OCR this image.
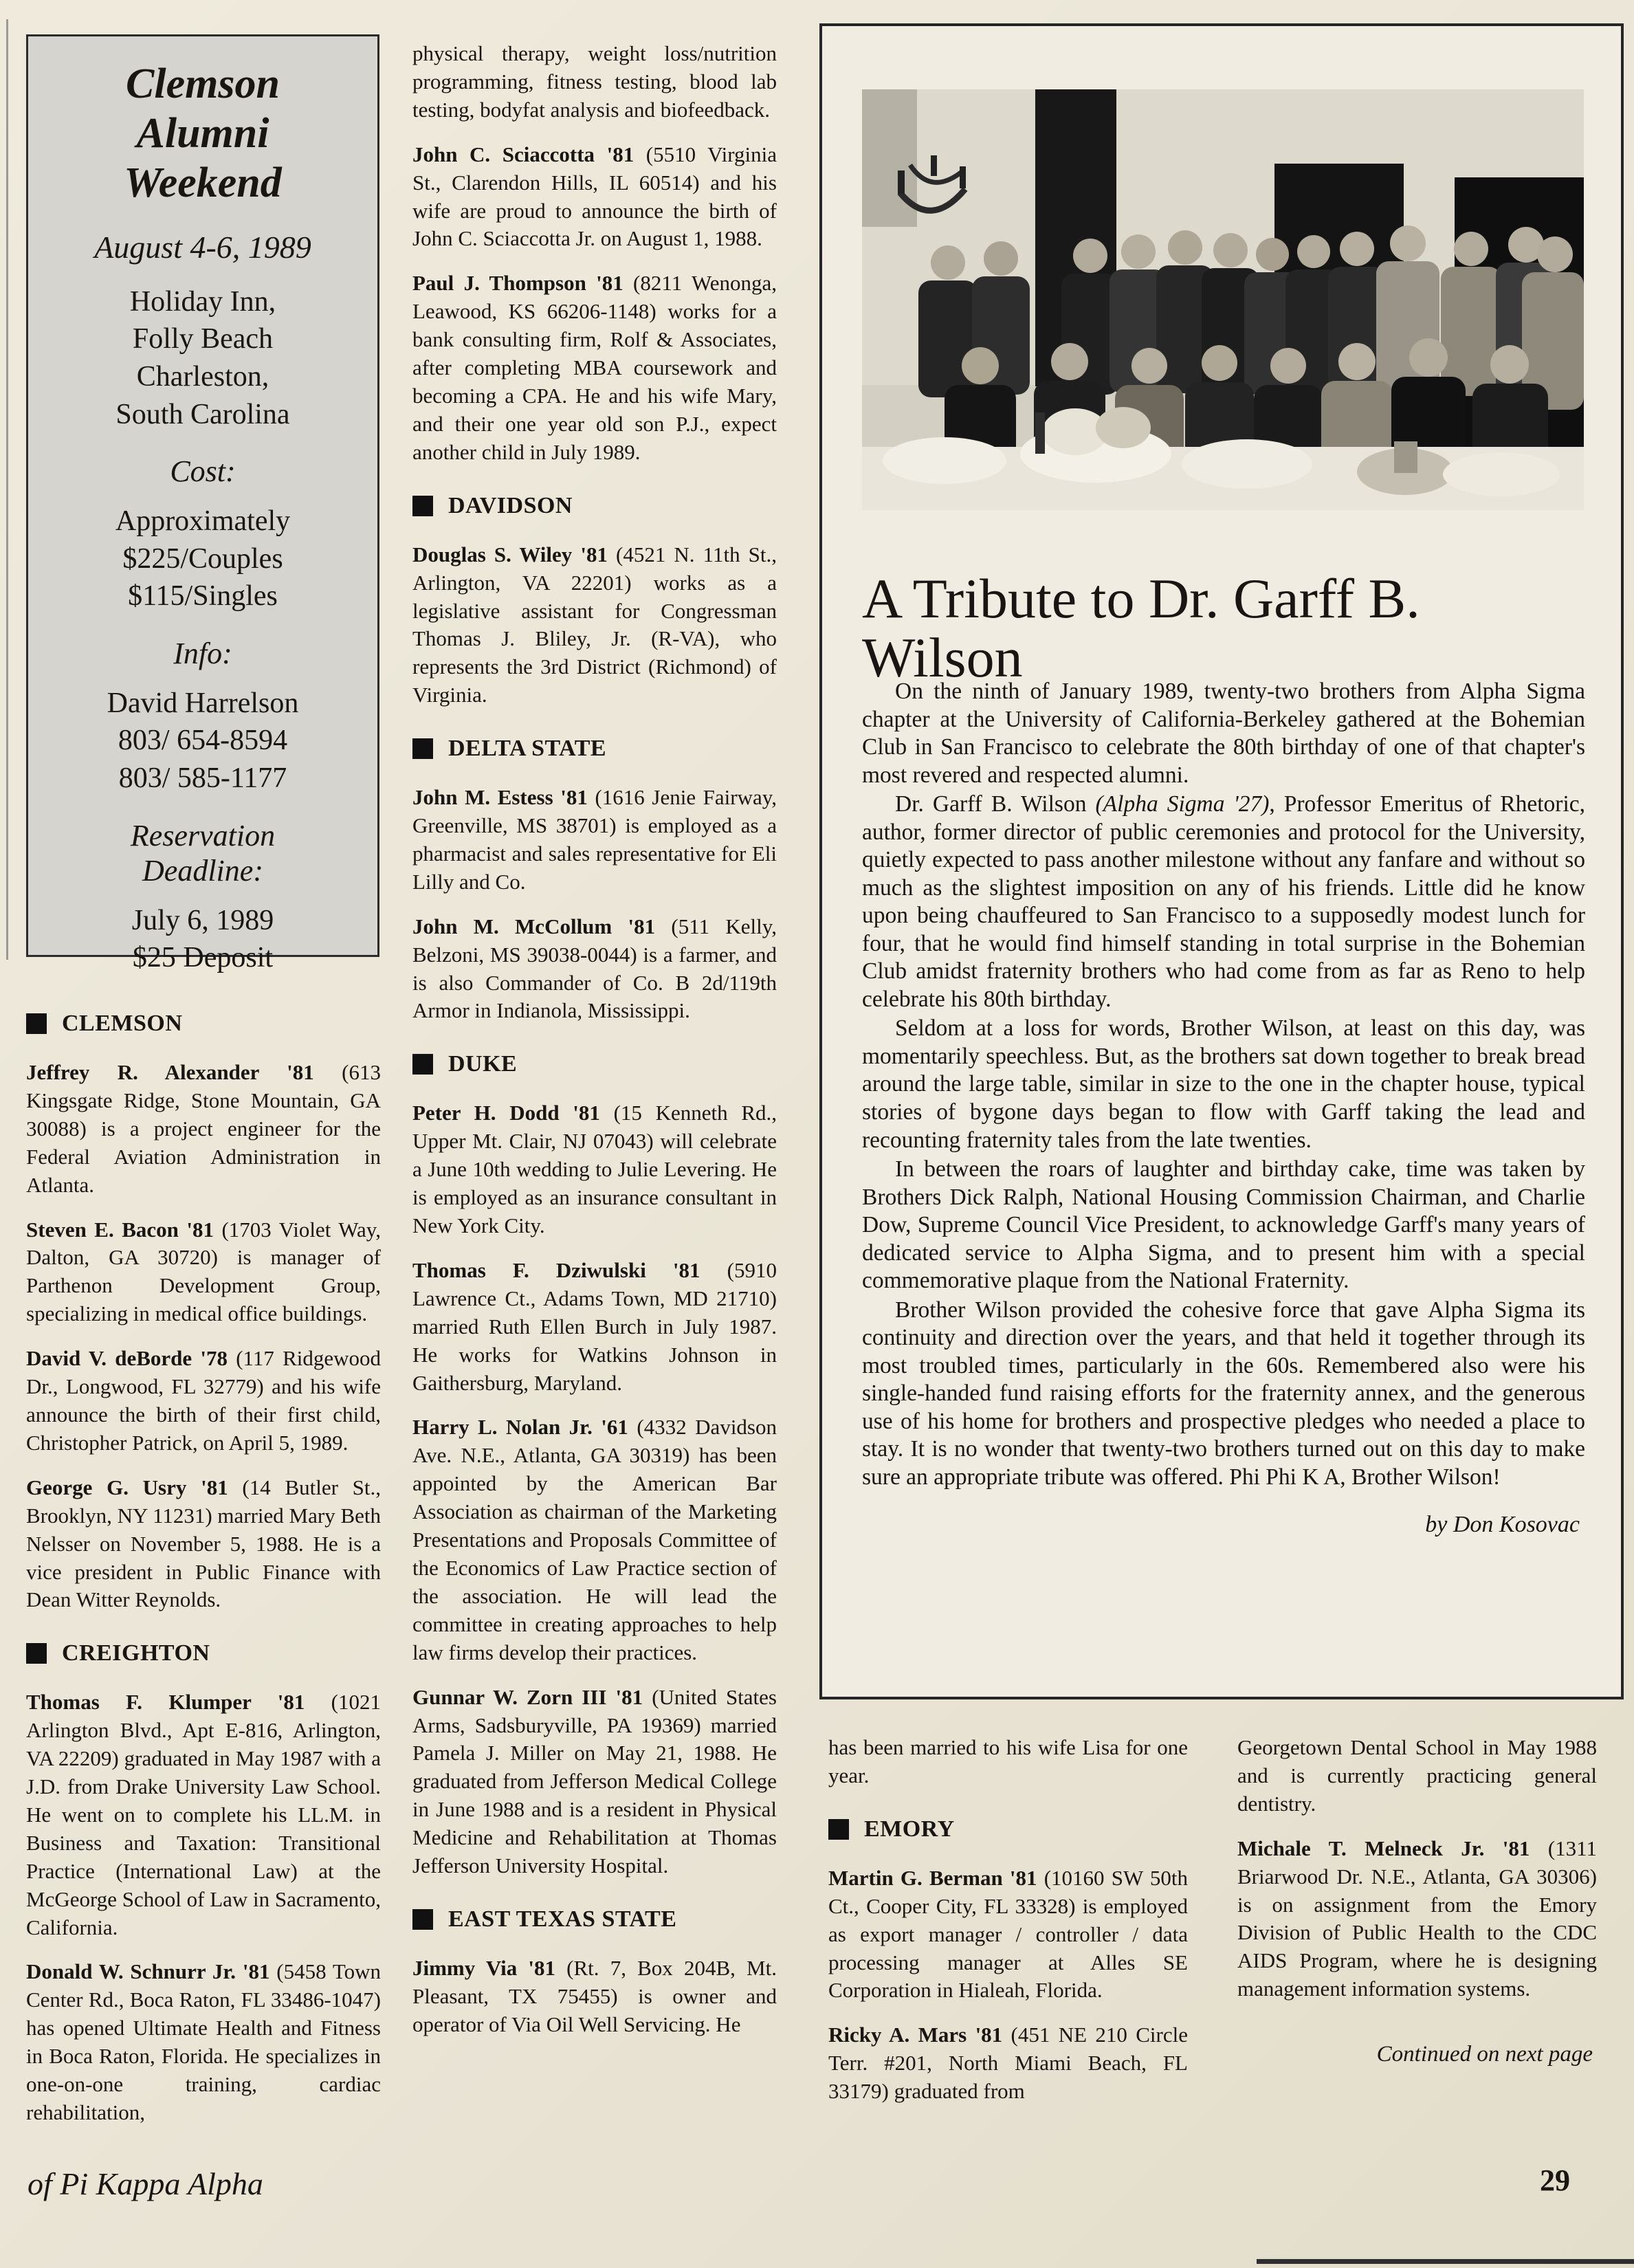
Clemson
Alumni
Weekend
August 4-6, 1989
Holiday Inn,
Folly Beach
Charleston,
South Carolina
Cost:
Approximately
$225/Couples
$115/Singles
Info:
David Harrelson
803/ 654-8594
803/ 585-1177
Reservation
Deadline:
July 6, 1989
$25 Deposit
CLEMSON

Jeffrey R. Alexander '81 (613 Kingsgate Ridge, Stone Mountain, GA 30088) is a project engineer for the Federal Aviation Administration in Atlanta.

Steven E. Bacon '81 (1703 Violet Way, Dalton, GA 30720) is manager of Parthenon Development Group, specializing in medical office buildings.

David V. deBorde '78 (117 Ridgewood Dr., Longwood, FL 32779) and his wife announce the birth of their first child, Christopher Patrick, on April 5, 1989.

George G. Usry '81 (14 Butler St., Brooklyn, NY 11231) married Mary Beth Nelsser on November 5, 1988. He is a vice president in Public Finance with Dean Witter Reynolds.

CREIGHTON

Thomas F. Klumper '81 (1021 Arlington Blvd., Apt E-816, Arlington, VA 22209) graduated in May 1987 with a J.D. from Drake University Law School. He went on to complete his LL.M. in Business and Taxation: Transitional Practice (International Law) at the McGeorge School of Law in Sacramento, California.

Donald W. Schnurr Jr. '81 (5458 Town Center Rd., Boca Raton, FL 33486-1047) has opened Ultimate Health and Fitness in Boca Raton, Florida. He specializes in one-on-one training, cardiac rehabilitation,

physical therapy, weight loss/nutrition programming, fitness testing, blood lab testing, bodyfat analysis and biofeedback.

John C. Sciaccotta '81 (5510 Virginia St., Clarendon Hills, IL 60514) and his wife are proud to announce the birth of John C. Sciaccotta Jr. on August 1, 1988.

Paul J. Thompson '81 (8211 Wenonga, Leawood, KS 66206-1148) works for a bank consulting firm, Rolf & Associates, after completing MBA coursework and becoming a CPA. He and his wife Mary, and their one year old son P.J., expect another child in July 1989.

DAVIDSON

Douglas S. Wiley '81 (4521 N. 11th St., Arlington, VA 22201) works as a legislative assistant for Congressman Thomas J. Bliley, Jr. (R-VA), who represents the 3rd District (Richmond) of Virginia.

DELTA STATE

John M. Estess '81 (1616 Jenie Fairway, Greenville, MS 38701) is employed as a pharmacist and sales representative for Eli Lilly and Co.

John M. McCollum '81 (511 Kelly, Belzoni, MS 39038-0044) is a farmer, and is also Commander of Co. B 2d/119th Armor in Indianola, Mississippi.

DUKE

Peter H. Dodd '81 (15 Kenneth Rd., Upper Mt. Clair, NJ 07043) will celebrate a June 10th wedding to Julie Levering. He is employed as an insurance consultant in New York City.

Thomas F. Dziwulski '81 (5910 Lawrence Ct., Adams Town, MD 21710) married Ruth Ellen Burch in July 1987. He works for Watkins Johnson in Gaithersburg, Maryland.

Harry L. Nolan Jr. '61 (4332 Davidson Ave. N.E., Atlanta, GA 30319) has been appointed by the American Bar Association as chairman of the Marketing Presentations and Proposals Committee of the Economics of Law Practice section of the association. He will lead the committee in creating approaches to help law firms develop their practices.

Gunnar W. Zorn III '81 (United States Arms, Sadsburyville, PA 19369) married Pamela J. Miller on May 21, 1988. He graduated from Jefferson Medical College in June 1988 and is a resident in Physical Medicine and Rehabilitation at Thomas Jefferson University Hospital.

EAST TEXAS STATE

Jimmy Via '81 (Rt. 7, Box 204B, Mt. Pleasant, TX 75455) is owner and operator of Via Oil Well Servicing. He

A Tribute to Dr. Garff B. Wilson

On the ninth of January 1989, twenty-two brothers from Alpha Sigma chapter at the University of California-Berkeley gathered at the Bohemian Club in San Francisco to celebrate the 80th birthday of one of that chapter's most revered and respected alumni.

Dr. Garff B. Wilson (Alpha Sigma '27), Professor Emeritus of Rhetoric, author, former director of public ceremonies and protocol for the University, quietly expected to pass another milestone without any fanfare and without so much as the slightest imposition on any of his friends. Little did he know upon being chauffeured to San Francisco to a supposedly modest lunch for four, that he would find himself standing in total surprise in the Bohemian Club amidst fraternity brothers who had come from as far as Reno to help celebrate his 80th birthday.

Seldom at a loss for words, Brother Wilson, at least on this day, was momentarily speechless. But, as the brothers sat down together to break bread around the large table, similar in size to the one in the chapter house, typical stories of bygone days began to flow with Garff taking the lead and recounting fraternity tales from the late twenties.

In between the roars of laughter and birthday cake, time was taken by Brothers Dick Ralph, National Housing Commission Chairman, and Charlie Dow, Supreme Council Vice President, to acknowledge Garff's many years of dedicated service to Alpha Sigma, and to present him with a special commemorative plaque from the National Fraternity.

Brother Wilson provided the cohesive force that gave Alpha Sigma its continuity and direction over the years, and that held it together through its most troubled times, particularly in the 60s. Remembered also were his single-handed fund raising efforts for the fraternity annex, and the generous use of his home for brothers and prospective pledges who needed a place to stay. It is no wonder that twenty-two brothers turned out on this day to make sure an appropriate tribute was offered. Phi Phi K A, Brother Wilson!

by Don Kosovac

has been married to his wife Lisa for one year.

EMORY

Martin G. Berman '81 (10160 SW 50th Ct., Cooper City, FL 33328) is employed as export manager / controller / data processing manager at Alles SE Corporation in Hialeah, Florida.

Ricky A. Mars '81 (451 NE 210 Circle Terr. #201, North Miami Beach, FL 33179) graduated from

Georgetown Dental School in May 1988 and is currently practicing general dentistry.

Michale T. Melneck Jr. '81 (1311 Briarwood Dr. N.E., Atlanta, GA 30306) is on assignment from the Emory Division of Public Health to the CDC AIDS Program, where he is designing management information systems.

Continued on next page
of Pi Kappa Alpha	29
